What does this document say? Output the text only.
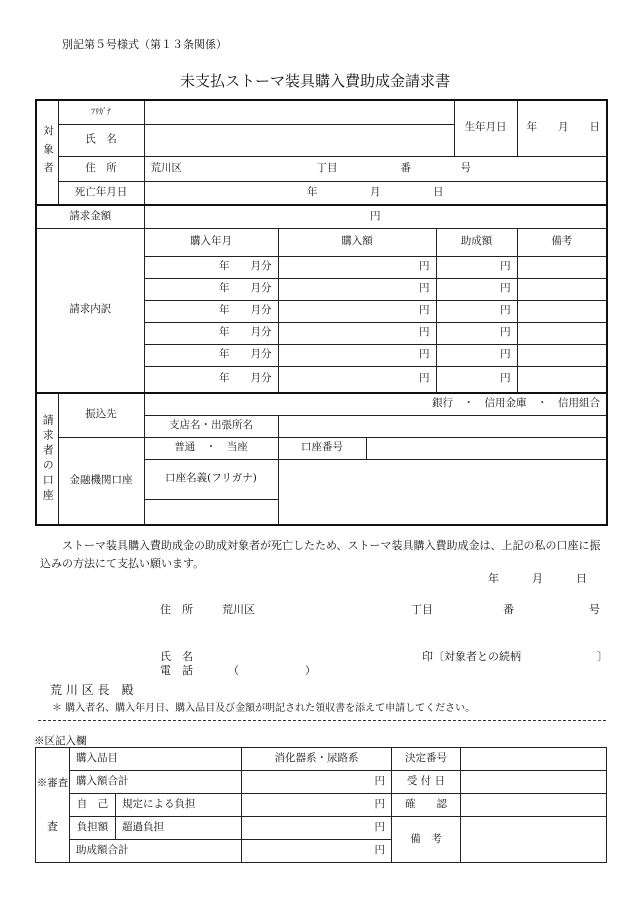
別記第５号様式（第１３条関係）
未支払ストーマ装具購入費助成金請求書
対象者	ﾌﾘｶﾞﾅ					生年月日	年　　月　　日
	氏　名						
	住　所	荒川区 丁目 番 号					

	死亡年月日	年　　　　　月　　　　　日					
請求金額		円					
請求内訳		購入年月	購入額		助成額		備考
		年　　月分	円		円		
		年　　月分	円		円		
		年　　月分	円		円		
		年　　月分	円		円		
		年　　月分	円		円		
		年　　月分	円		円		
請求者の口座	振込先	銀行　・　信用金庫　・　信用組合					
		支店名・出張所名					
	金融機関口座	普通　・　当座	口座番号				
		口座名義(フリガナ)					

ストーマ装具購入費助成金の助成対象者が死亡したため、ストーマ装具購入費助成金は、上記の私の口座に振込みの方法にて支払い願います。
年　　　月　　　日
住　所	荒川区	丁目	番	号
氏　名	印〔対象者との続柄	〕
電　話	（　　　　　　）
荒 川 区 長　殿
＊ 購入者名、購入年月日、購入品目及び金額が明記された領収書を添えて申請してください。
※区記入欄
※審査	購入品目		消化器系・尿路系	決定番号	
	購入額合計		円	受 付 日	
査	自　己	規定による負担	円	確　　認	
	負担額	超過負担	円	備　考	
	助成額合計		円		
